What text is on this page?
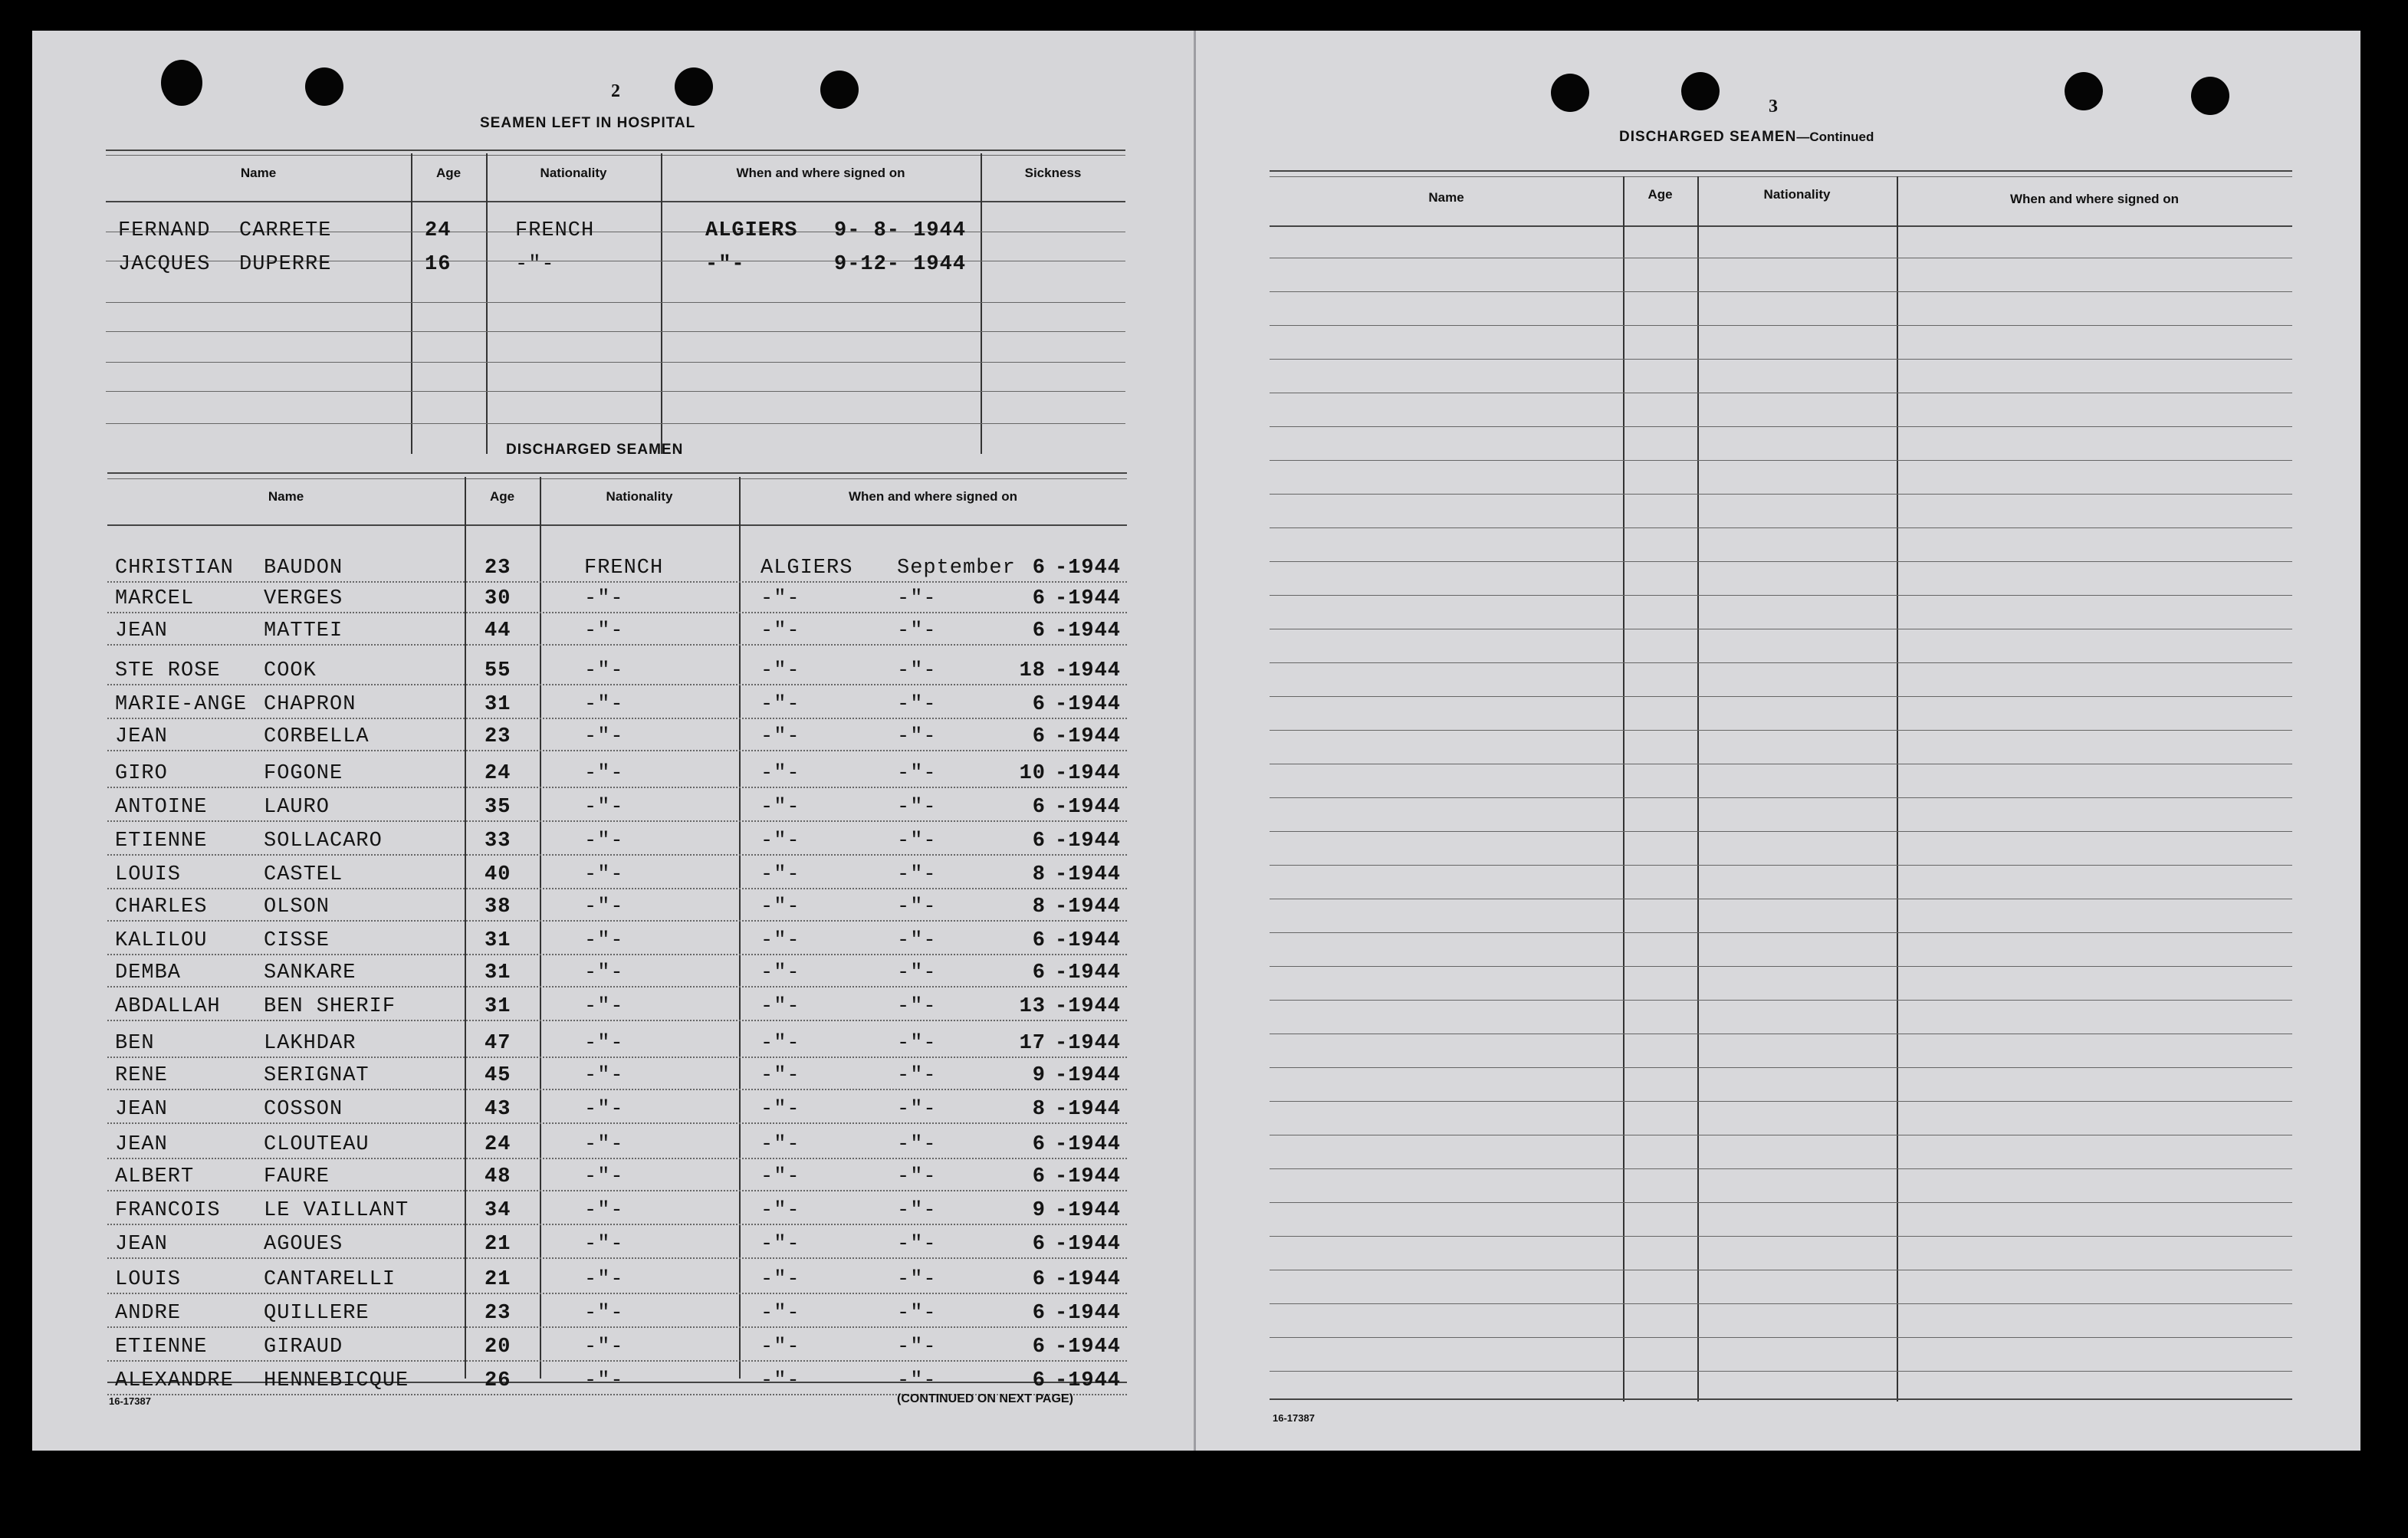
2
SEAMEN LEFT IN HOSPITAL
Name	Age	Nationality	When and where signed on	Sickness
FERNAND CARRETE	24	FRENCH	ALGIERS 9- 8- 1944
JACQUES DUPERRE	16	-"-	-"-	9-12- 1944
DISCHARGED SEAMEN
Name	Age	Nationality	When and where signed on
CHRISTIAN BAUDON	23	FRENCH	ALGIERS September 6 -1944
MARCEL	VERGES	30	-"-	-"-	-"-	6 -1944
JEAN	MATTEI	44	-"-	-"-	-"-	6 -1944
STE ROSE COOK	55	-"-	-"-	-"-	18 -1944
MARIE-ANGE CHAPRON	31	-"-	-"-	-"-	6 -1944
JEAN	CORBELLA	23	-"-	-"-	-"-	6 -1944
GIRO	FOGONE	24	-"-	-"-	-"-	10 -1944
ANTOINE	LAURO	35	-"-	-"-	-"-	6 -1944
ETIENNE	SOLLACARO	33	-"-	-"-	-"-	6 -1944
LOUIS	CASTEL	40	-"-	-"-	-"-	8 -1944
CHARLES	OLSON	38	-"-	-"-	-"-	8 -1944
KALILOU	CISSE	31	-"-	-"-	-"-	6 -1944
DEMBA	SANKARE	31	-"-	-"-	-"-	6 -1944
ABDALLAH BEN SHERIF	31	-"-	-"-	-"-	13 -1944
BEN	LAKHDAR	47	-"-	-"-	-"-	17 -1944
RENE	SERIGNAT	45	-"-	-"-	-"-	9 -1944
JEAN	COSSON	43	-"-	-"-	-"-	8 -1944
JEAN	CLOUTEAU	24	-"-	-"-	-"-	6 -1944
ALBERT	FAURE	48	-"-	-"-	-"-	6 -1944
FRANCOIS LE VAILLANT	34	-"-	-"-	-"-	9 -1944
JEAN	AGOUES	21	-"-	-"-	-"-	6 -1944
LOUIS	CANTARELLI	21	-"-	-"-	-"-	6 -1944
ANDRE	QUILLERE	23	-"-	-"-	-"-	6 -1944
ETIENNE	GIRAUD	20	-"-	-"-	-"-	6 -1944
ALEXANDRE HENNEBICQUE	26	-"-	-"-	-"-	6 -1944
16-17387	(CONTINUED ON NEXT PAGE)
3
DISCHARGED SEAMEN—Continued
Name	Age	Nationality	When and where signed on
16-17387
